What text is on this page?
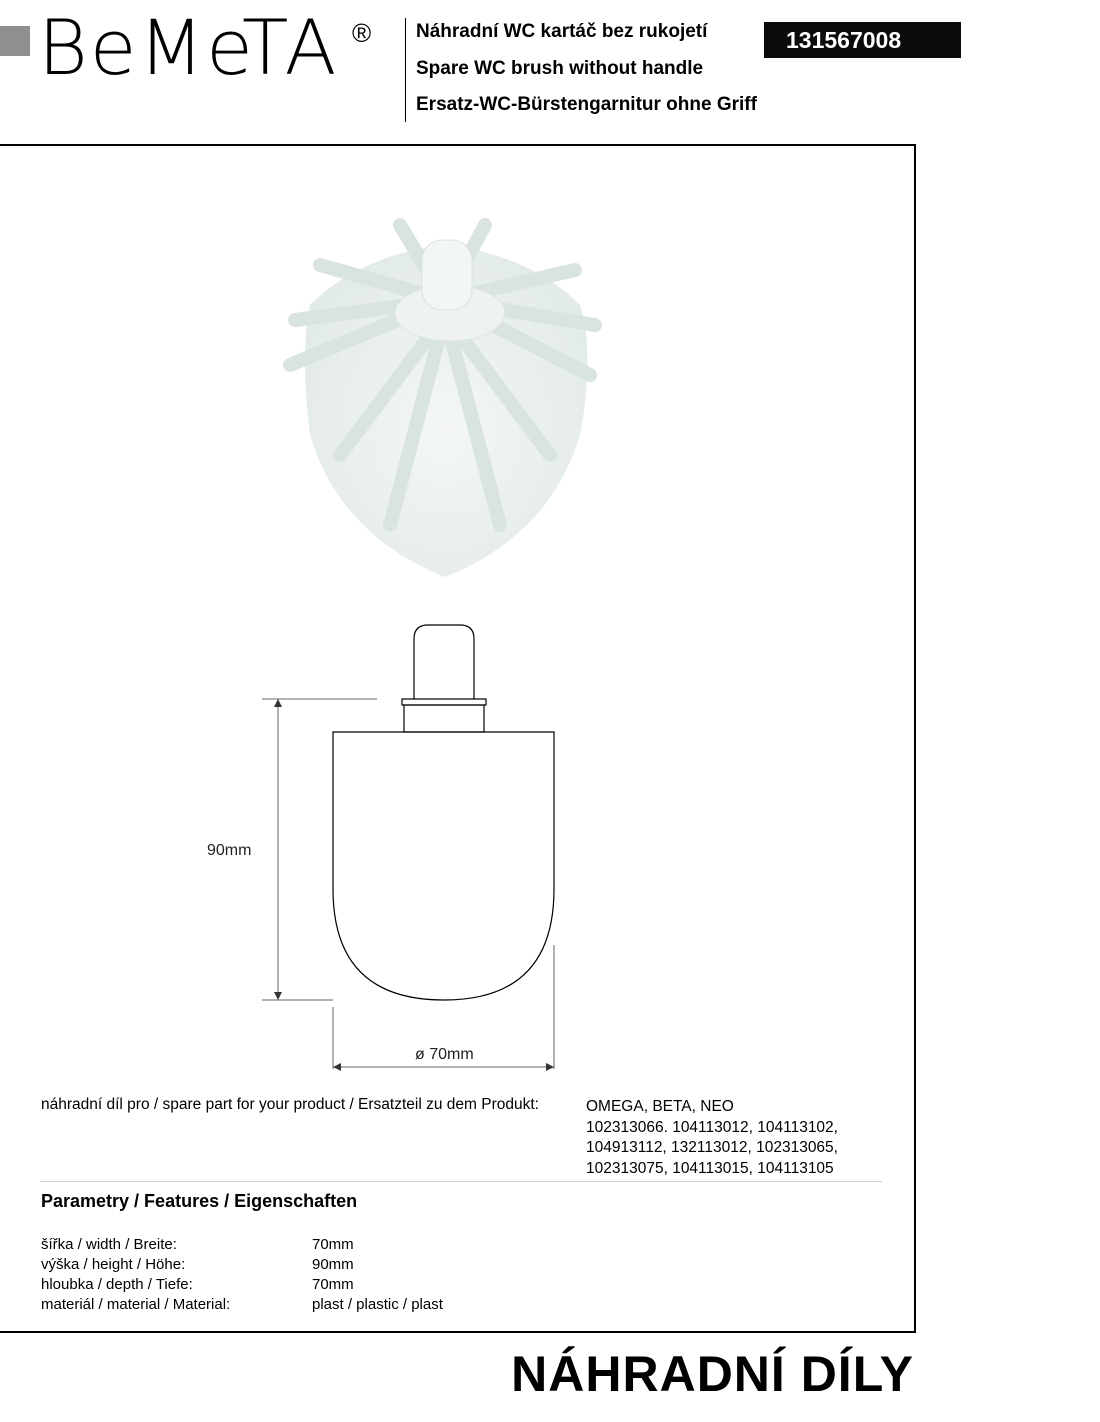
BeMeTA ® Náhradní WC kartáč bez rukojetí
Spare WC brush without handle
Ersatz-WC-Bürstengarnitur ohne Griff
131567008
90mm
ø 70mm
náhradní díl pro / spare part for your product / Ersatzteil zu dem Produkt:	OMEGA, BETA, NEO
102313066. 104113012, 104113102,
104913112, 132113012, 102313065,
102313075, 104113015, 104113105
Parametry / Features / Eigenschaften
šířka / width / Breite:	70mm
výška / height / Höhe:	90mm
hloubka / depth / Tiefe:	70mm
materiál / material / Material:	plast / plastic / plast
NÁHRADNÍ DÍLY
